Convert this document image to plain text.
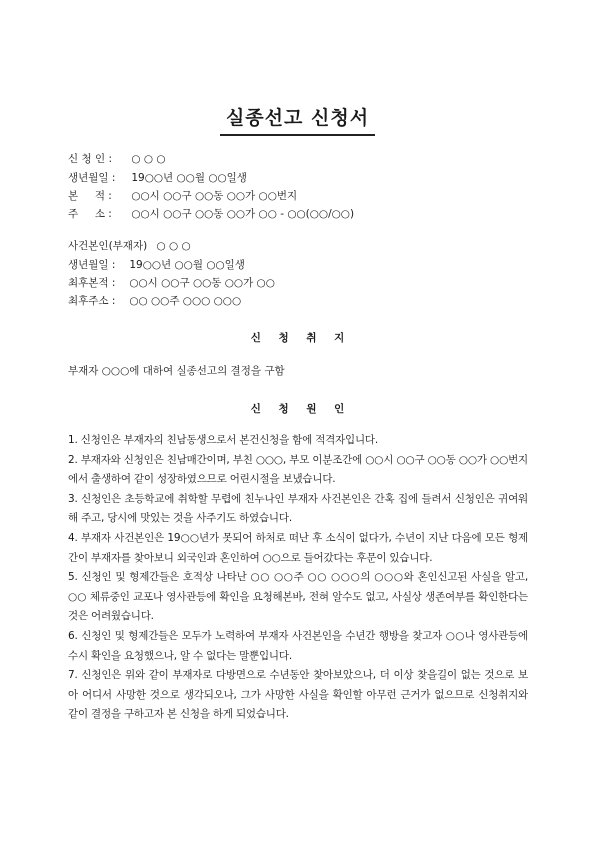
실종선고 신청서
신 청 인 : ○ ○ ○
생년월일 : 19○○년 ○○월 ○○일생
본     적 : ○○시 ○○구 ○○동 ○○가 ○○번지
주     소 : ○○시 ○○구 ○○동 ○○가 ○○ - ○○(○○/○○)
사건본인(부재자) ○ ○ ○
생년월일 : 19○○년 ○○월 ○○일생
최후본적 : ○○시 ○○구 ○○동 ○○가 ○○
최후주소 : ○○ ○○주 ○○○ ○○○
신 청 취 지
부재자 ○○○에 대하여 실종선고의 결정을 구함
신 청 원 인

1. 신청인은 부재자의 친남동생으로서 본건신청을 함에 적격자입니다.

2. 부재자와 신청인은 친남매간이며, 부친 ○○○, 부모 이분조간에 ○○시 ○○구 ○○동 ○○가 ○○번지에서 출생하여 같이 성장하였으므로 어린시절을 보냈습니다.

3. 신청인은 초등학교에 취학할 무렵에 친누나인 부재자 사건본인은 간혹 집에 들려서 신청인은 귀여워해 주고, 당시에 맛있는 것을 사주기도 하였습니다.

4. 부재자 사건본인은 19○○년가 못되어 하처로 떠난 후 소식이 없다가, 수년이 지난 다음에 모든 형제간이 부재자를 찾아보니 외국인과 혼인하여 ○○으로 들어갔다는 후문이 있습니다.

5. 신청인 및 형제간들은 호적상 나타난 ○○ ○○주 ○○ ○○○의 ○○○와 혼인신고된 사실을 알고, ○○ 체류중인 교포나 영사관등에 확인을 요청해본바, 전혀 알수도 없고, 사실상 생존여부를 확인한다는 것은 어려웠습니다.

6. 신청인 및 형제간들은 모두가 노력하여 부재자 사건본인을 수년간 행방을 찾고자 ○○나 영사관등에 수시 확인을 요청했으나, 알 수 없다는 말뿐입니다.

7. 신청인은 위와 같이 부재자로 다방면으로 수년동안 찾아보았으나, 더 이상 찾을길이 없는 것으로 보아 어디서 사망한 것으로 생각되오나, 그가 사망한 사실을 확인할 아무런 근거가 없으므로 신청취지와 같이 결정을 구하고자 본 신청을 하게 되었습니다.
